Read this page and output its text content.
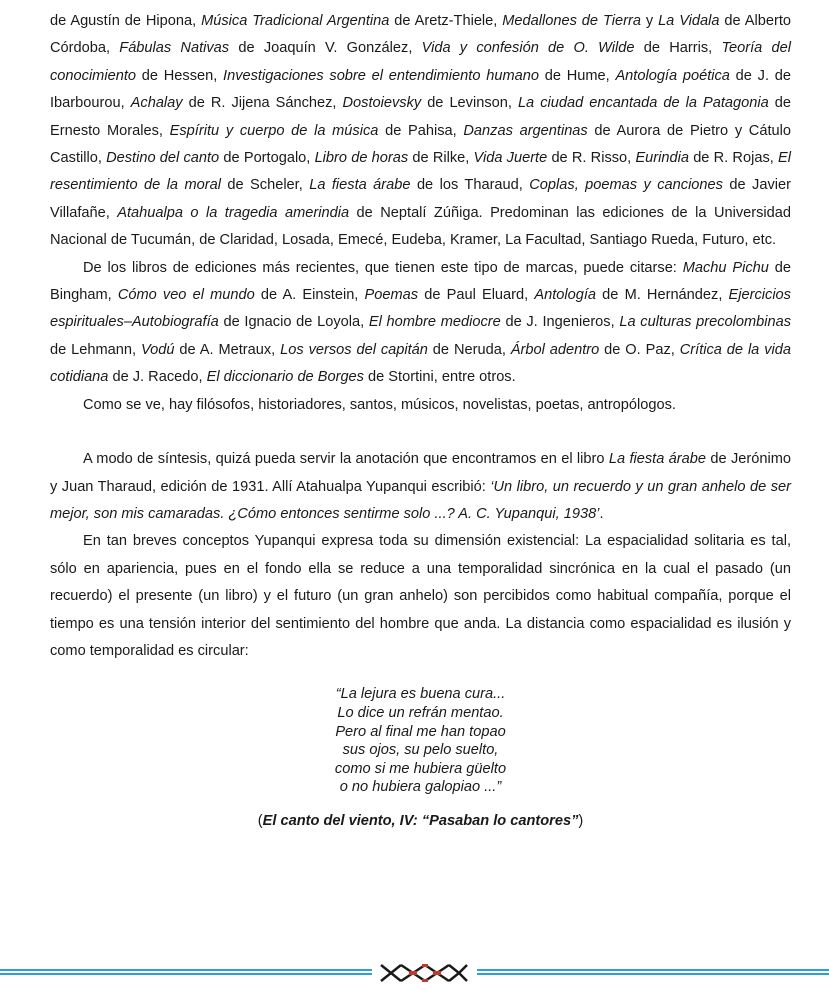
de Agustín de Hipona, Música Tradicional Argentina de Aretz-Thiele, Medallones de Tierra y La Vidala de Alberto Córdoba, Fábulas Nativas de Joaquín V. González, Vida y confesión de O. Wilde de Harris, Teoría del conocimiento de Hessen, Investigaciones sobre el entendimiento humano de Hume, Antología poética de J. de Ibarbourou, Achalay de R. Jijena Sánchez, Dostoievsky de Levinson, La ciudad encantada de la Patagonia de Ernesto Morales, Espíritu y cuerpo de la música de Pahisa, Danzas argentinas de Aurora de Pietro y Cátulo Castillo, Destino del canto de Portogalo, Libro de horas de Rilke, Vida Juerte de R. Risso, Eurindia de R. Rojas, El resentimiento de la moral de Scheler, La fiesta árabe de los Tharaud, Coplas, poemas y canciones de Javier Villafañe, Atahualpa o la tragedia amerindia de Neptalí Zúñiga. Predominan las ediciones de la Universidad Nacional de Tucumán, de Claridad, Losada, Emecé, Eudeba, Kramer, La Facultad, Santiago Rueda, Futuro, etc.

De los libros de ediciones más recientes, que tienen este tipo de marcas, puede citarse: Machu Pichu de Bingham, Cómo veo el mundo de A. Einstein, Poemas de Paul Eluard, Antología de M. Hernández, Ejercicios espirituales–Autobiografía de Ignacio de Loyola, El hombre mediocre de J. Ingenieros, La culturas precolombinas de Lehmann, Vodú de A. Metraux, Los versos del capitán de Neruda, Árbol adentro de O. Paz, Crítica de la vida cotidiana de J. Racedo, El diccionario de Borges de Stortini, entre otros.

Como se ve, hay filósofos, historiadores, santos, músicos, novelistas, poetas, antropólogos.

A modo de síntesis, quizá pueda servir la anotación que encontramos en el libro La fiesta árabe de Jerónimo y Juan Tharaud, edición de 1931. Allí Atahualpa Yupanqui escribió: ‘Un libro, un recuerdo y un gran anhelo de ser mejor, son mis camaradas. ¿Cómo entonces sentirme solo ...? A. C. Yupanqui, 1938’.

En tan breves conceptos Yupanqui expresa toda su dimensión existencial: La espacialidad solitaria es tal, sólo en apariencia, pues en el fondo ella se reduce a una temporalidad sincrónica en la cual el pasado (un recuerdo) el presente (un libro) y el futuro (un gran anhelo) son percibidos como habitual compañía, porque el tiempo es una tensión interior del sentimiento del hombre que anda. La distancia como espacialidad es ilusión y como temporalidad es circular:

“La lejura es buena cura...
Lo dice un refrán mentao.
Pero al final me han topao
sus ojos, su pelo suelto,
como si me hubiera güelto
o no hubiera galopiao ...”
(El canto del viento, IV: “Pasaban lo cantores”)
